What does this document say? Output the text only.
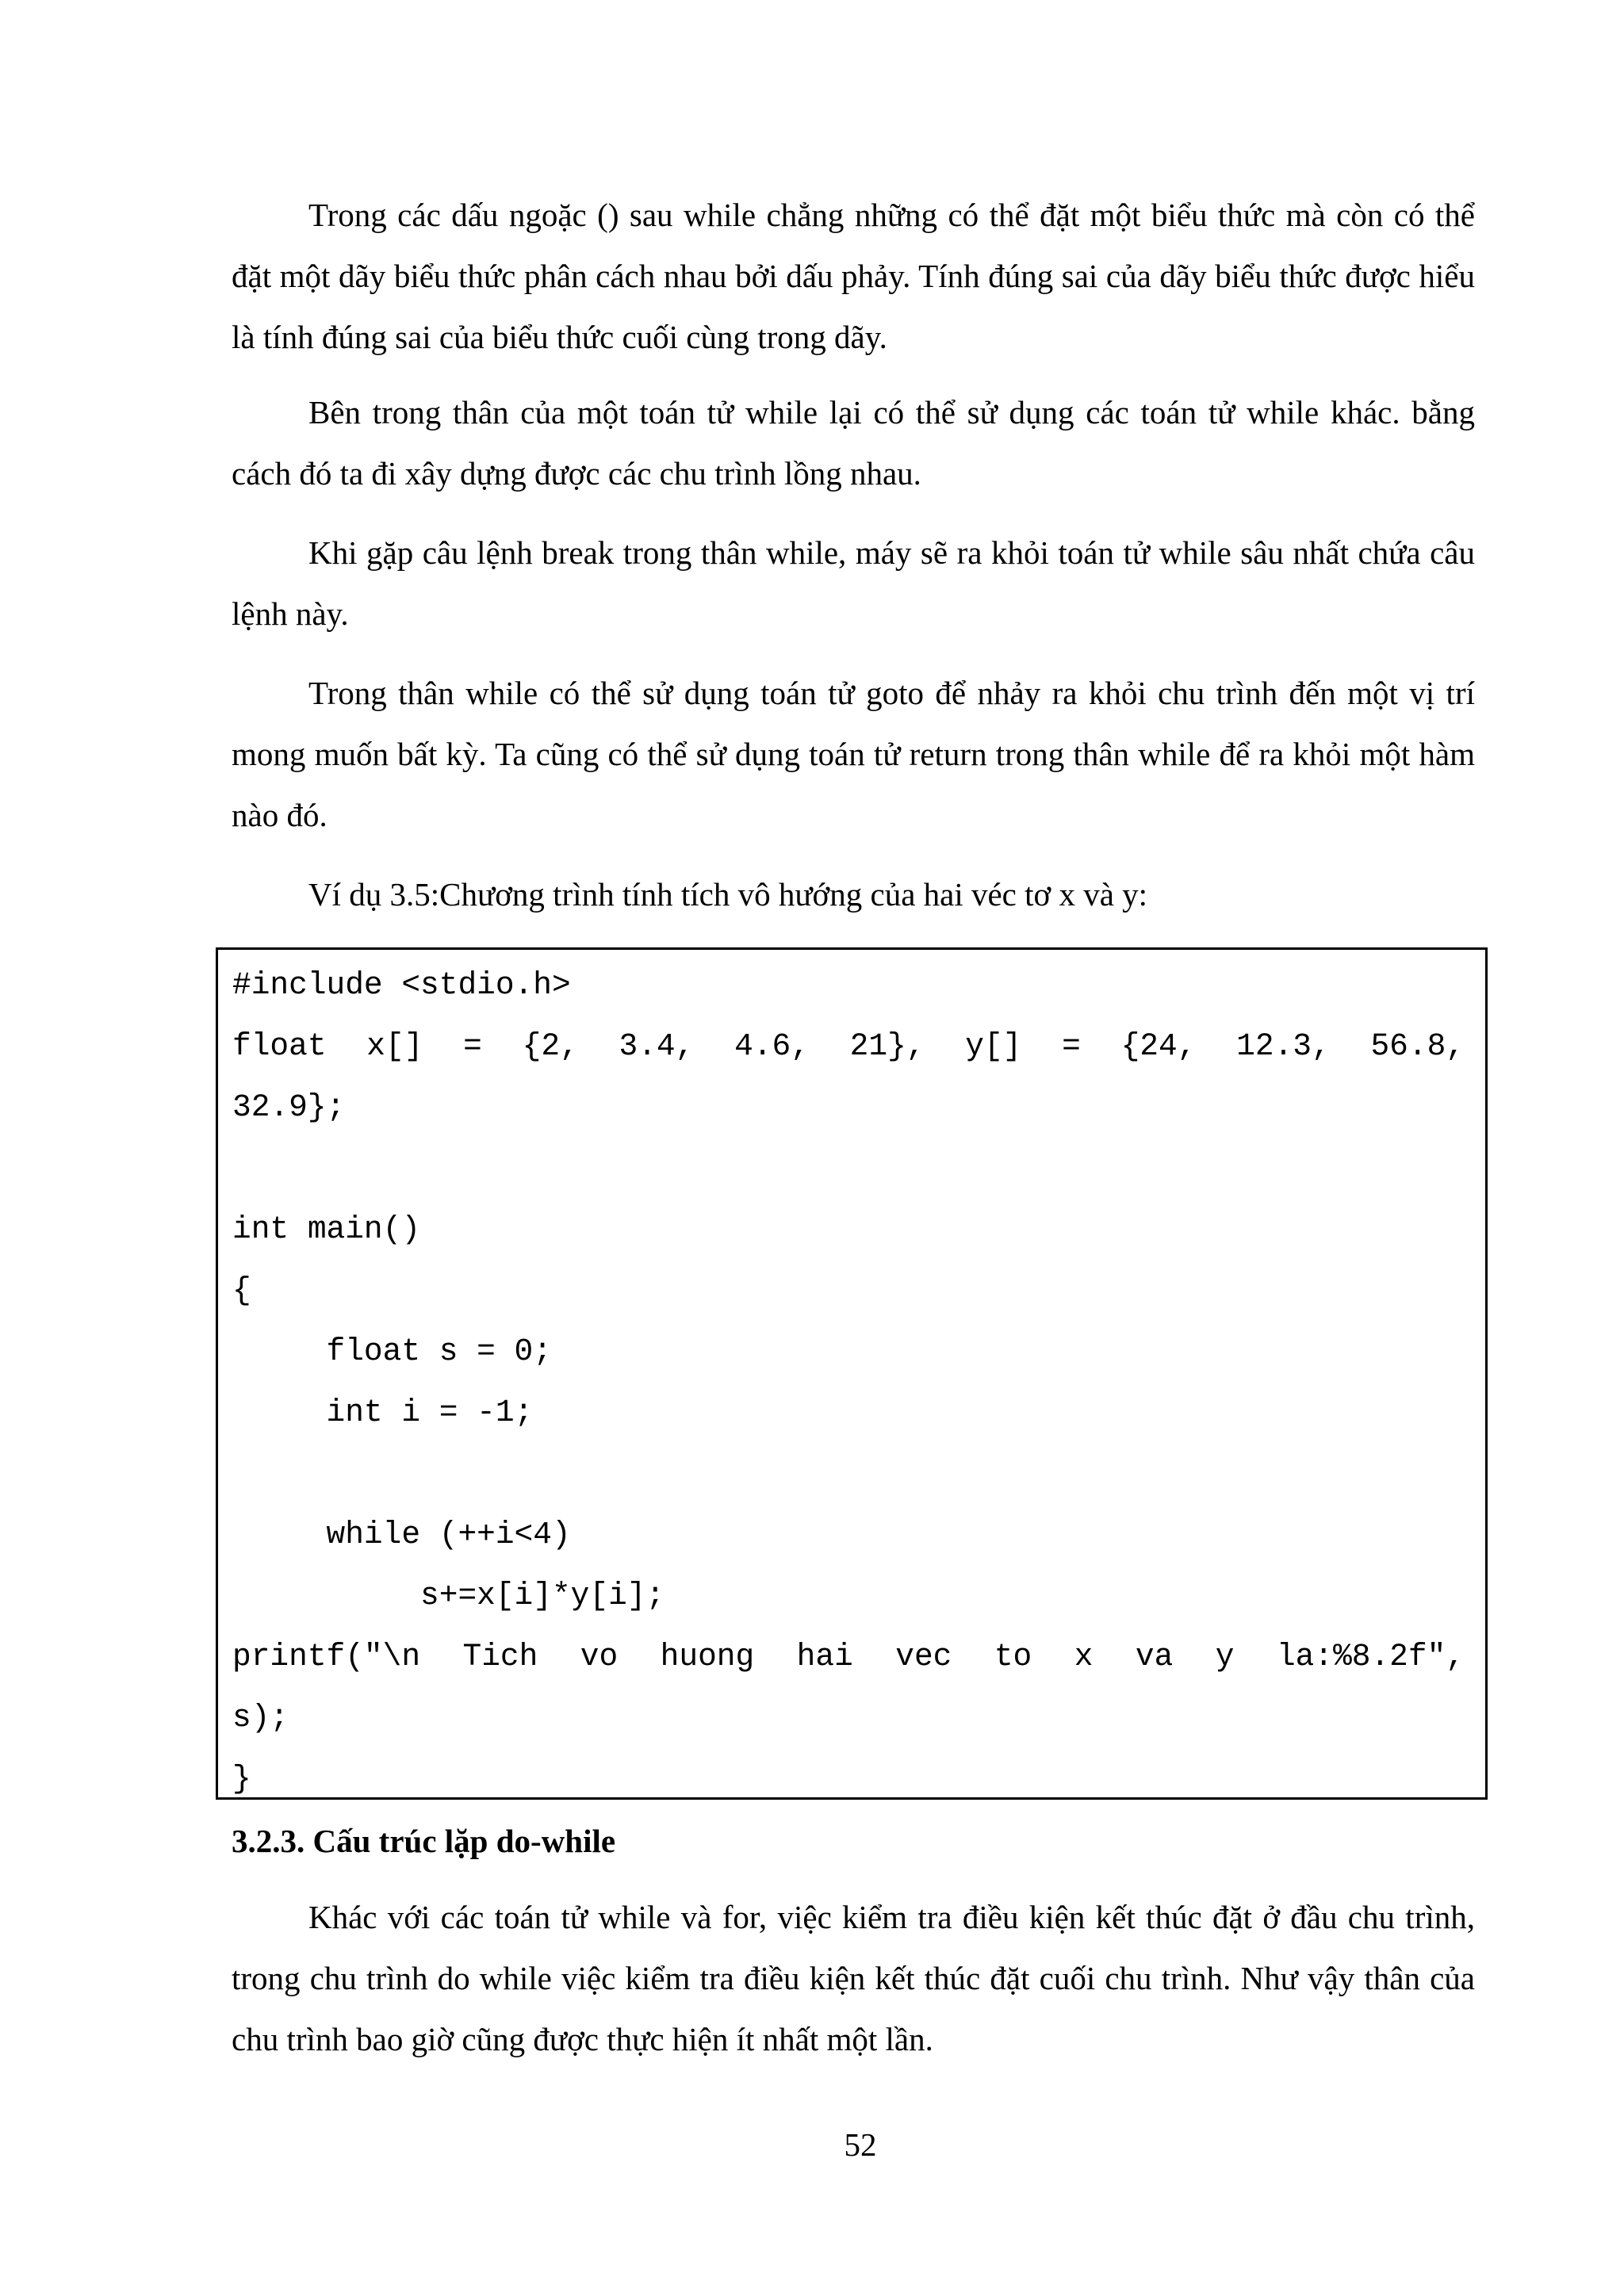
Trong các dấu ngoặc () sau while chẳng những có thể đặt một biểu thức mà còn có thể đặt một dãy biểu thức phân cách nhau bởi dấu phảy. Tính đúng sai của dãy biểu thức được hiểu là tính đúng sai của biểu thức cuối cùng trong dãy.

Bên trong thân của một toán tử while lại có thể sử dụng các toán tử while khác. bằng cách đó ta đi xây dựng được các chu trình lồng nhau.

Khi gặp câu lệnh break trong thân while, máy sẽ ra khỏi toán tử while sâu nhất chứa câu lệnh này.

Trong thân while có thể sử dụng toán tử goto để nhảy ra khỏi chu trình đến một vị trí mong muốn bất kỳ. Ta cũng có thể sử dụng toán tử return trong thân while để ra khỏi một hàm nào đó.

Ví dụ 3.5:Chương trình tính tích vô hướng của hai véc tơ x và y:

#include <stdio.h>
float x[] = {2, 3.4, 4.6, 21}, y[] = {24, 12.3, 56.8,
32.9};
int main()
{
float s = 0;
int i = -1;
while (++i<4)
s+=x[i]*y[i];
printf("\n Tich vo huong hai vec to x va y la:%8.2f",
s);
}
3.2.3. Cấu trúc lặp do-while

Khác với các toán tử while và for, việc kiểm tra điều kiện kết thúc đặt ở đầu chu trình, trong chu trình do while việc kiểm tra điều kiện kết thúc đặt cuối chu trình. Như vậy thân của chu trình bao giờ cũng được thực hiện ít nhất một lần.

52
